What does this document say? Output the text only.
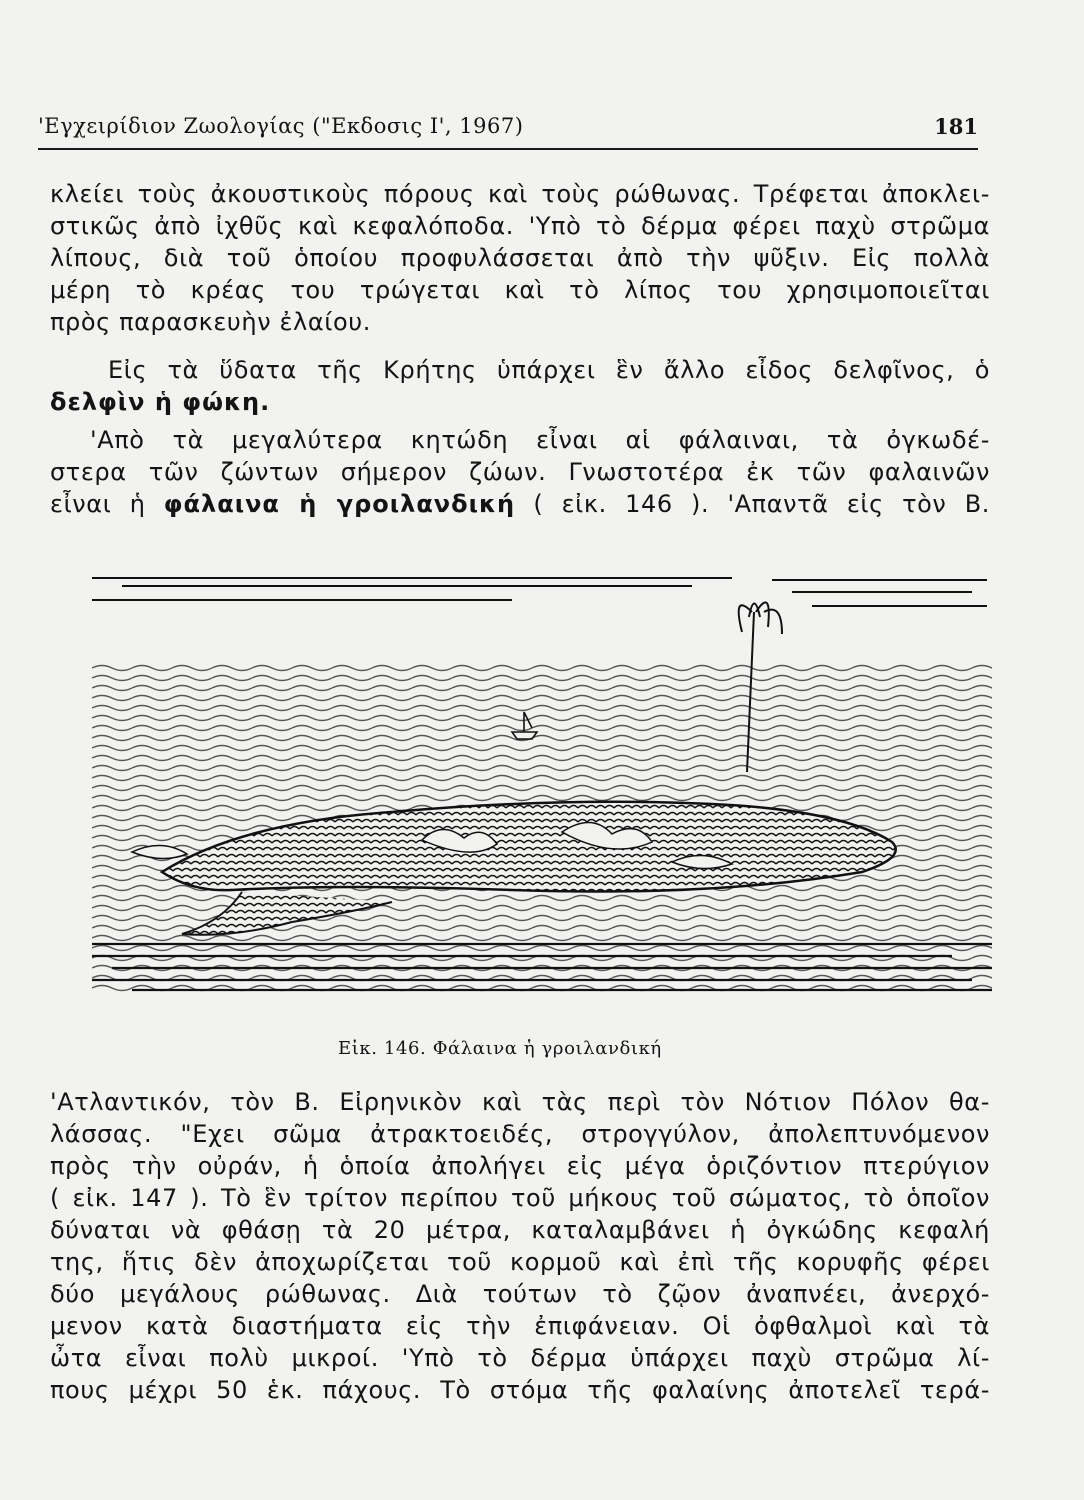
'Εγχειρίδιον Ζωολογίας ("Εκδοσις Ι', 1967)	181
κλείει τοὺς ἀκουστικοὺς πόρους καὶ τοὺς ρώθωνας. Τρέφεται ἀποκλει-
στικῶς ἀπὸ ἰχθῦς καὶ κεφαλόποδα. 'Υπὸ τὸ δέρμα φέρει παχὺ στρῶμα
λίπους, διὰ τοῦ ὁποίου προφυλάσσεται ἀπὸ τὴν ψῦξιν. Εἰς πολλὰ
μέρη τὸ κρέας του τρώγεται καὶ τὸ λίπος του χρησιμοποιεῖται
πρὸς παρασκευὴν ἐλαίου.
Εἰς τὰ ὕδατα τῆς Κρήτης ὑπάρχει ἓν ἄλλο εἶδος δελφῖνος, ὁ
δελφὶν ἡ φώκη.
'Απὸ τὰ μεγαλύτερα κητώδη εἶναι αἱ φάλαιναι, τὰ ὀγκωδέ-
στερα τῶν ζώντων σήμερον ζώων. Γνωστοτέρα ἐκ τῶν φαλαινῶν
εἶναι ἡ φάλαινα ἡ γροιλανδική ( εἰκ. 146 ). 'Απαντᾶ εἰς τὸν Β.
Εἰκ. 146. Φάλαινα ἡ γροιλανδική
'Ατλαντικόν, τὸν Β. Εἰρηνικὸν καὶ τὰς περὶ τὸν Νότιον Πόλον θα-
λάσσας. "Εχει σῶμα ἀτρακτοειδές, στρογγύλον, ἀπολεπτυνόμενον
πρὸς τὴν οὐράν, ἡ ὁποία ἀπολήγει εἰς μέγα ὁριζόντιον πτερύγιον
( εἰκ. 147 ). Τὸ ἓν τρίτον περίπου τοῦ μήκους τοῦ σώματος, τὸ ὁποῖον
δύναται νὰ φθάσῃ τὰ 20 μέτρα, καταλαμβάνει ἡ ὀγκώδης κεφαλή
της, ἥτις δὲν ἀποχωρίζεται τοῦ κορμοῦ καὶ ἐπὶ τῆς κορυφῆς φέρει
δύο μεγάλους ρώθωνας. Διὰ τούτων τὸ ζῷον ἀναπνέει, ἀνερχό-
μενον κατὰ διαστήματα εἰς τὴν ἐπιφάνειαν. Οἱ ὀφθαλμοὶ καὶ τὰ
ὦτα εἶναι πολὺ μικροί. 'Υπὸ τὸ δέρμα ὑπάρχει παχὺ στρῶμα λί-
πους μέχρι 50 ἑκ. πάχους. Τὸ στόμα τῆς φαλαίνης ἀποτελεῖ τερά-
